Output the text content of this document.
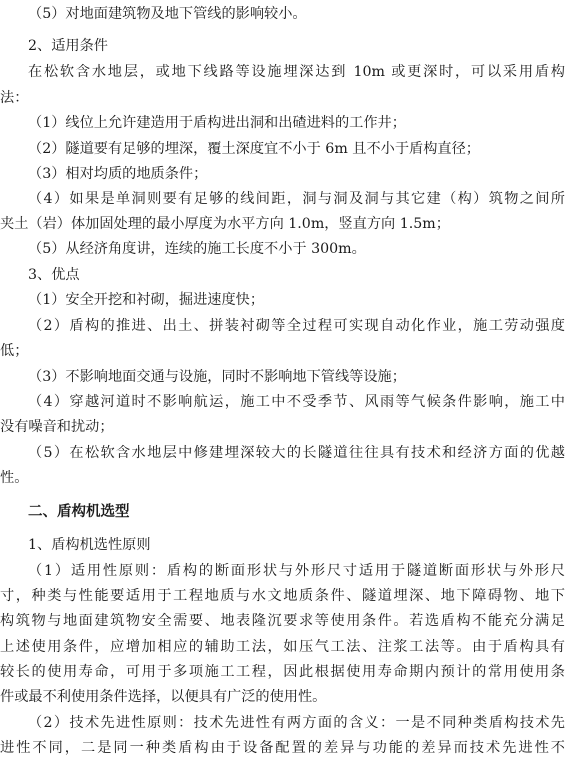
（5）对地面建筑物及地下管线的影响较小。
2、适用条件
在松软含水地层，或地下线路等设施埋深达到 10m 或更深时，可以采用盾构
法：
（1）线位上允许建造用于盾构进出洞和出碴进料的工作井；
（2）隧道要有足够的埋深，覆土深度宜不小于 6m 且不小于盾构直径；
（3）相对均质的地质条件；
（4）如果是单洞则要有足够的线间距，洞与洞及洞与其它建（构）筑物之间所
夹土（岩）体加固处理的最小厚度为水平方向 1.0m，竖直方向 1.5m；
（5）从经济角度讲，连续的施工长度不小于 300m。
3、优点
（1）安全开挖和衬砌，掘进速度快；
（2）盾构的推进、出土、拼装衬砌等全过程可实现自动化作业，施工劳动强度
低；
（3）不影响地面交通与设施，同时不影响地下管线等设施；
（4）穿越河道时不影响航运，施工中不受季节、风雨等气候条件影响，施工中
没有噪音和扰动；
（5）在松软含水地层中修建埋深较大的长隧道往往具有技术和经济方面的优越
性。
二、盾构机选型
1、盾构机选性原则
（1）适用性原则：盾构的断面形状与外形尺寸适用于隧道断面形状与外形尺
寸，种类与性能要适用于工程地质与水文地质条件、隧道埋深、地下障碍物、地下
构筑物与地面建筑物安全需要、地表隆沉要求等使用条件。若选盾构不能充分满足
上述使用条件，应增加相应的辅助工法，如压气工法、注浆工法等。由于盾构具有
较长的使用寿命，可用于多项施工工程，因此根据使用寿命期内预计的常用使用条
件或最不利使用条件选择，以便具有广泛的使用性。
（2）技术先进性原则：技术先进性有两方面的含义：一是不同种类盾构技术先
进性不同，二是同一种类盾构由于设备配置的差异与功能的差异而技术先进性不
